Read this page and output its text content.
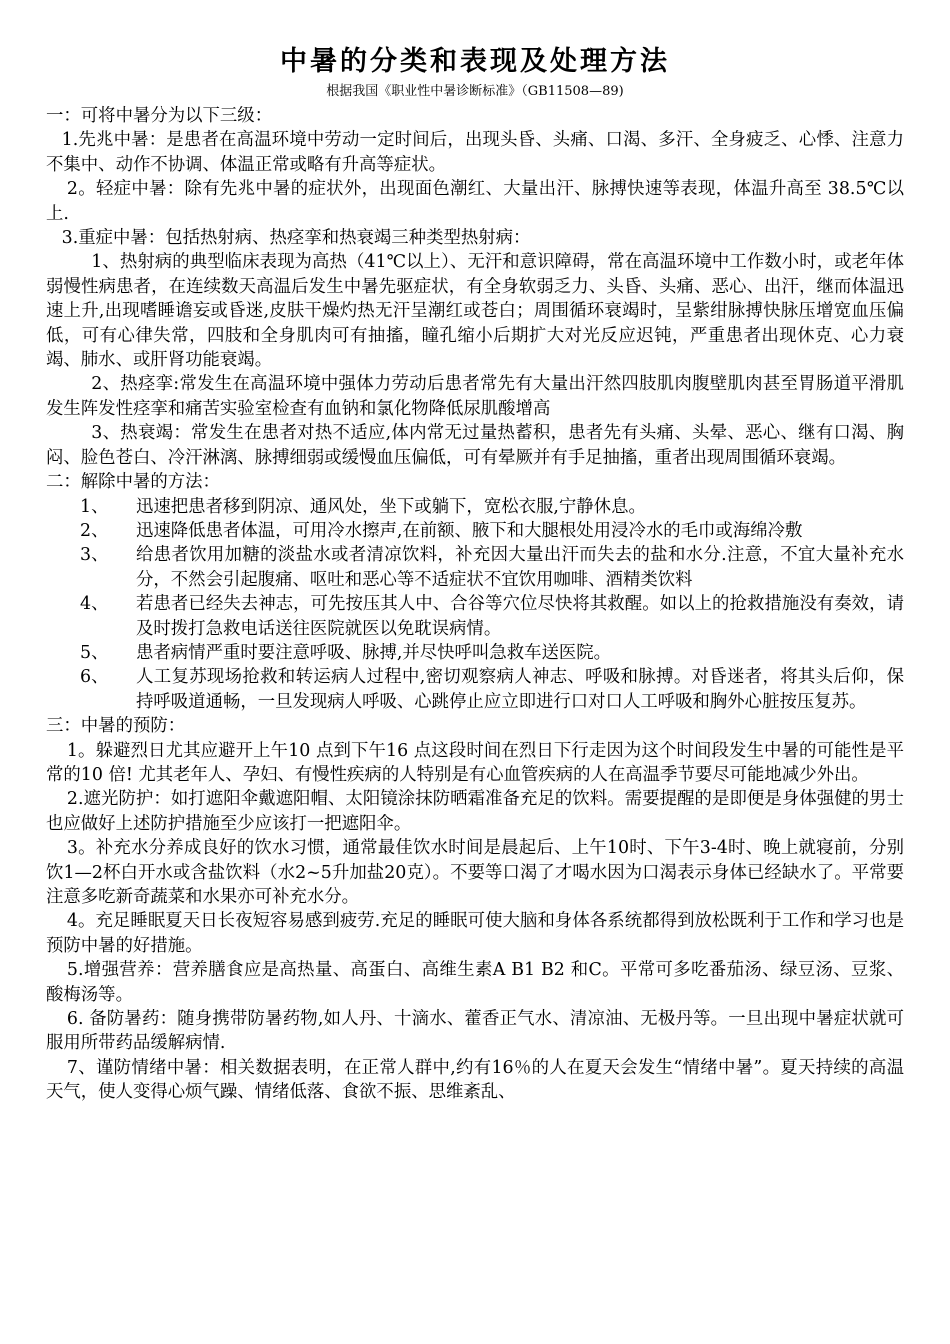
中暑的分类和表现及处理方法
根据我国《职业性中暑诊断标准》（GB11508—89)

一：可将中暑分为以下三级：

1.先兆中暑：是患者在高温环境中劳动一定时间后，出现头昏、头痛、口渴、多汗、全身疲乏、心悸、注意力不集中、动作不协调、体温正常或略有升高等症状。

2。轻症中暑：除有先兆中暑的症状外，出现面色潮红、大量出汗、脉搏快速等表现，体温升高至 38.5℃以上.

3.重症中暑：包括热射病、热痉挛和热衰竭三种类型热射病：

1、热射病的典型临床表现为高热（41℃以上）、无汗和意识障碍，常在高温环境中工作数小时，或老年体弱慢性病患者，在连续数天高温后发生中暑先驱症状，有全身软弱乏力、头昏、头痛、恶心、出汗，继而体温迅速上升,出现嗜睡谵妄或昏迷,皮肤干燥灼热无汗呈潮红或苍白；周围循环衰竭时，呈紫绀脉搏快脉压增宽血压偏低，可有心律失常，四肢和全身肌肉可有抽搐，瞳孔缩小后期扩大对光反应迟钝，严重患者出现休克、心力衰竭、肺水、或肝肾功能衰竭。

2、热痉挛:常发生在高温环境中强体力劳动后患者常先有大量出汗然四肢肌肉腹壁肌肉甚至胃肠道平滑肌发生阵发性痉挛和痛苦实验室检查有血钠和氯化物降低尿肌酸增高

3、热衰竭：常发生在患者对热不适应,体内常无过量热蓄积，患者先有头痛、头晕、恶心、继有口渴、胸闷、脸色苍白、冷汗淋漓、脉搏细弱或缓慢血压偏低，可有晕厥并有手足抽搐，重者出现周围循环衰竭。

二：解除中暑的方法：

1、	迅速把患者移到阴凉、通风处，坐下或躺下，宽松衣服,宁静休息。
2、	迅速降低患者体温，可用冷水擦声,在前额、腋下和大腿根处用浸冷水的毛巾或海绵冷敷
3、	给患者饮用加糖的淡盐水或者清凉饮料，补充因大量出汗而失去的盐和水分.注意，不宜大量补充水分，不然会引起腹痛、呕吐和恶心等不适症状不宜饮用咖啡、酒精类饮料
4、	若患者已经失去神志，可先按压其人中、合谷等穴位尽快将其救醒。如以上的抢救措施没有奏效，请及时拨打急救电话送往医院就医以免耽误病情。
5、	患者病情严重时要注意呼吸、脉搏,并尽快呼叫急救车送医院。
6、	人工复苏现场抢救和转运病人过程中,密切观察病人神志、呼吸和脉搏。对昏迷者，将其头后仰，保持呼吸道通畅，一旦发现病人呼吸、心跳停止应立即进行口对口人工呼吸和胸外心脏按压复苏。

三：中暑的预防：

1。躲避烈日尤其应避开上午10 点到下午16 点这段时间在烈日下行走因为这个时间段发生中暑的可能性是平常的10 倍! 尤其老年人、孕妇、有慢性疾病的人特别是有心血管疾病的人在高温季节要尽可能地减少外出。

2.遮光防护：如打遮阳伞戴遮阳帽、太阳镜涂抹防晒霜准备充足的饮料。需要提醒的是即便是身体强健的男士也应做好上述防护措施至少应该打一把遮阳伞。

3。补充水分养成良好的饮水习惯，通常最佳饮水时间是晨起后、上午10时、下午3-4时、晚上就寝前，分别饮1—2杯白开水或含盐饮料（水2~5升加盐20克）。不要等口渴了才喝水因为口渴表示身体已经缺水了。平常要注意多吃新奇蔬菜和水果亦可补充水分。

4。充足睡眠夏天日长夜短容易感到疲劳.充足的睡眠可使大脑和身体各系统都得到放松既利于工作和学习也是预防中暑的好措施。

5.增强营养：营养膳食应是高热量、高蛋白、高维生素A B1 B2 和C。平常可多吃番茄汤、绿豆汤、豆浆、酸梅汤等。

6. 备防暑药：随身携带防暑药物,如人丹、十滴水、藿香正气水、清凉油、无极丹等。一旦出现中暑症状就可服用所带药品缓解病情.

7、谨防情绪中暑：相关数据表明，在正常人群中,约有16％的人在夏天会发生“情绪中暑”。夏天持续的高温天气，使人变得心烦气躁、情绪低落、食欲不振、思维紊乱、
